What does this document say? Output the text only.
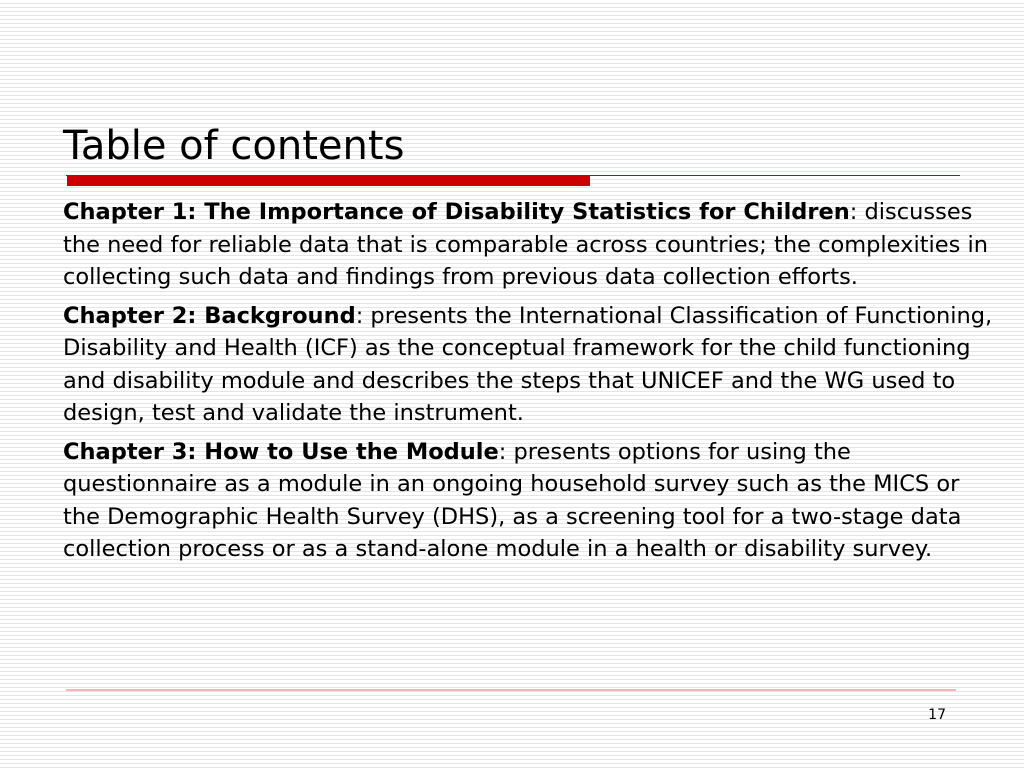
Table of contents

Chapter 1: The Importance of Disability Statistics for Children: discusses the need for reliable data that is comparable across countries; the complexities in collecting such data and findings from previous data collection efforts.

Chapter 2: Background: presents the International Classification of Functioning, Disability and Health (ICF) as the conceptual framework for the child functioning and disability module and describes the steps that UNICEF and the WG used to design, test and validate the instrument.

Chapter 3: How to Use the Module: presents options for using the questionnaire as a module in an ongoing household survey such as the MICS or the Demographic Health Survey (DHS), as a screening tool for a two-stage data collection process or as a stand-alone module in a health or disability survey.

17
